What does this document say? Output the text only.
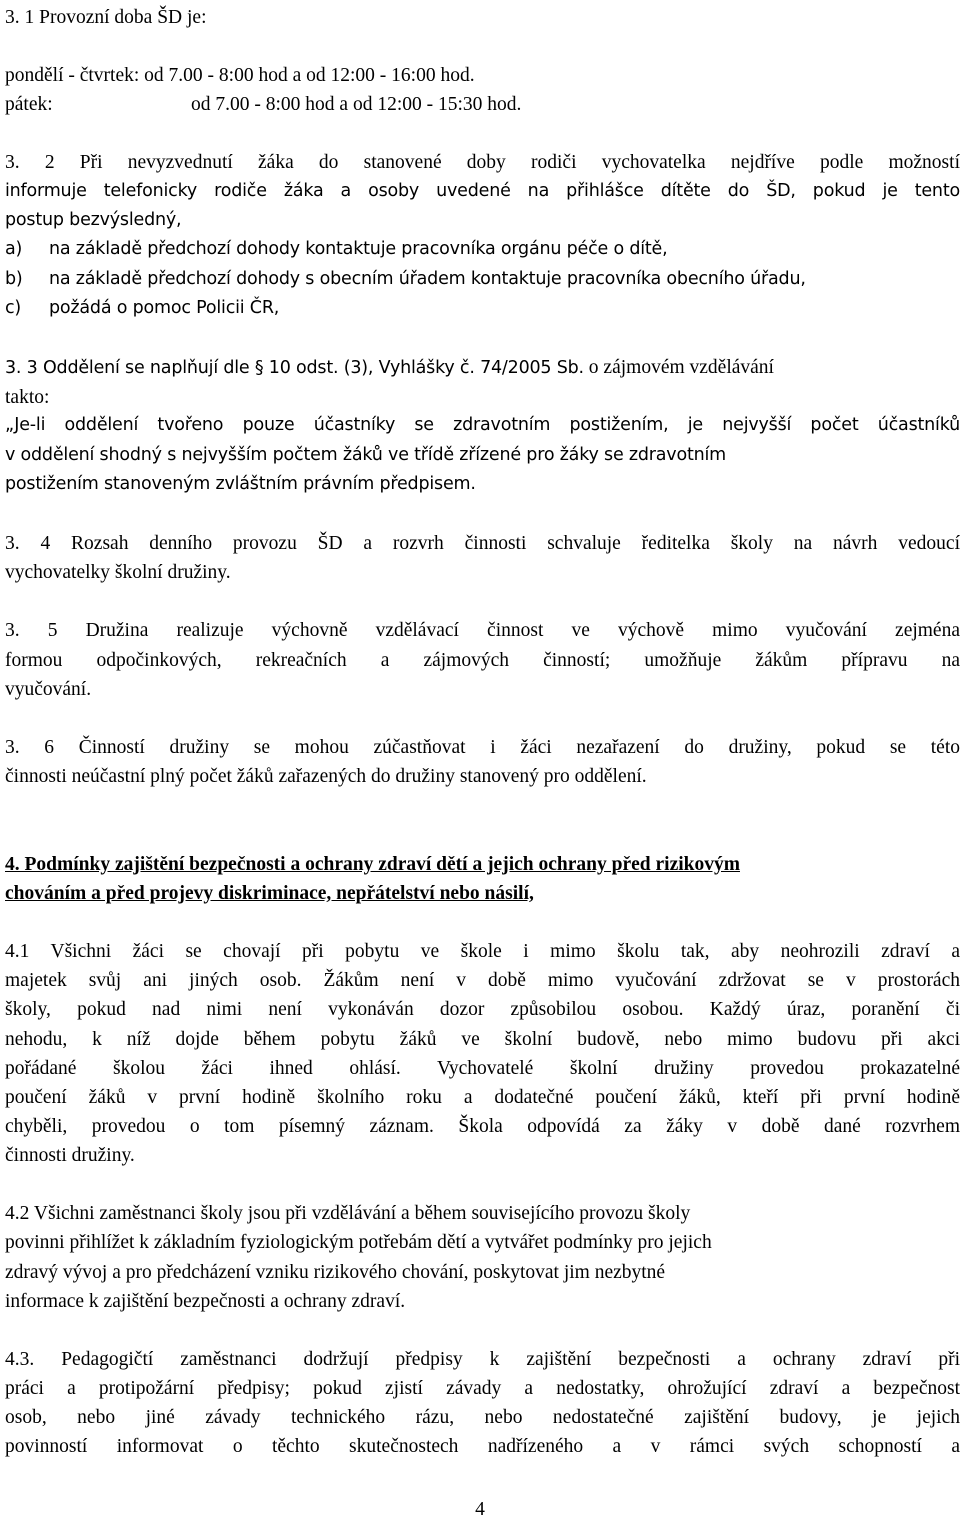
3. 1 Provozní doba ŠD je:
pondělí - čtvrtek: od 7.00 - 8:00 hod a od 12:00 - 16:00 hod.
pátek:	od 7.00 - 8:00 hod a od 12:00 - 15:30 hod.
3. 2 Při nevyzvednutí žáka do stanovené doby rodiči vychovatelka nejdříve podle možností
informuje telefonicky rodiče žáka a osoby uvedené na přihlášce dítěte do ŠD, pokud je tento
postup bezvýsledný,
a) na základě předchozí dohody kontaktuje pracovníka orgánu péče o dítě,
b) na základě předchozí dohody s obecním úřadem kontaktuje pracovníka obecního úřadu,
c) požádá o pomoc Policii ČR,
3. 3 Oddělení se naplňují dle § 10 odst. (3), Vyhlášky č. 74/2005 Sb. o zájmovém vzdělávání
takto:
„Je-li oddělení tvořeno pouze účastníky se zdravotním postižením, je nejvyšší počet účastníků
v oddělení shodný s nejvyšším počtem žáků ve třídě zřízené pro žáky se zdravotním
postižením stanoveným zvláštním právním předpisem.
3. 4 Rozsah denního provozu ŠD a rozvrh činnosti schvaluje ředitelka školy na návrh vedoucí
vychovatelky školní družiny.
3. 5 Družina realizuje výchovně vzdělávací činnost ve výchově mimo vyučování zejména
formou odpočinkových, rekreačních a zájmových činností; umožňuje žákům přípravu na
vyučování.
3. 6 Činností družiny se mohou zúčastňovat i žáci nezařazení do družiny, pokud se této
činnosti neúčastní plný počet žáků zařazených do družiny stanovený pro oddělení.
4. Podmínky zajištění bezpečnosti a ochrany zdraví dětí a jejich ochrany před rizikovým
chováním a před projevy diskriminace, nepřátelství nebo násilí,
4.1 Všichni žáci se chovají při pobytu ve škole i mimo školu tak, aby neohrozili zdraví a
majetek svůj ani jiných osob. Žákům není v době mimo vyučování zdržovat se v prostorách
školy, pokud nad nimi není vykonáván dozor způsobilou osobou. Každý úraz, poranění či
nehodu, k níž dojde během pobytu žáků ve školní budově, nebo mimo budovu při akci
pořádané školou žáci ihned ohlásí. Vychovatelé školní družiny provedou prokazatelné
poučení žáků v první hodině školního roku a dodatečné poučení žáků, kteří při první hodině
chyběli, provedou o tom písemný záznam. Škola odpovídá za žáky v době dané rozvrhem
činnosti družiny.
4.2 Všichni zaměstnanci školy jsou při vzdělávání a během souvisejícího provozu školy
povinni přihlížet k základním fyziologickým potřebám dětí a vytvářet podmínky pro jejich
zdravý vývoj a pro předcházení vzniku rizikového chování, poskytovat jim nezbytné
informace k zajištění bezpečnosti a ochrany zdraví.
4.3. Pedagogičtí zaměstnanci dodržují předpisy k zajištění bezpečnosti a ochrany zdraví při
práci a protipožární předpisy; pokud zjistí závady a nedostatky, ohrožující zdraví a bezpečnost
osob, nebo jiné závady technického rázu, nebo nedostatečné zajištění budovy, je jejich
povinností informovat o těchto skutečnostech nadřízeného a v rámci svých schopností a
4
